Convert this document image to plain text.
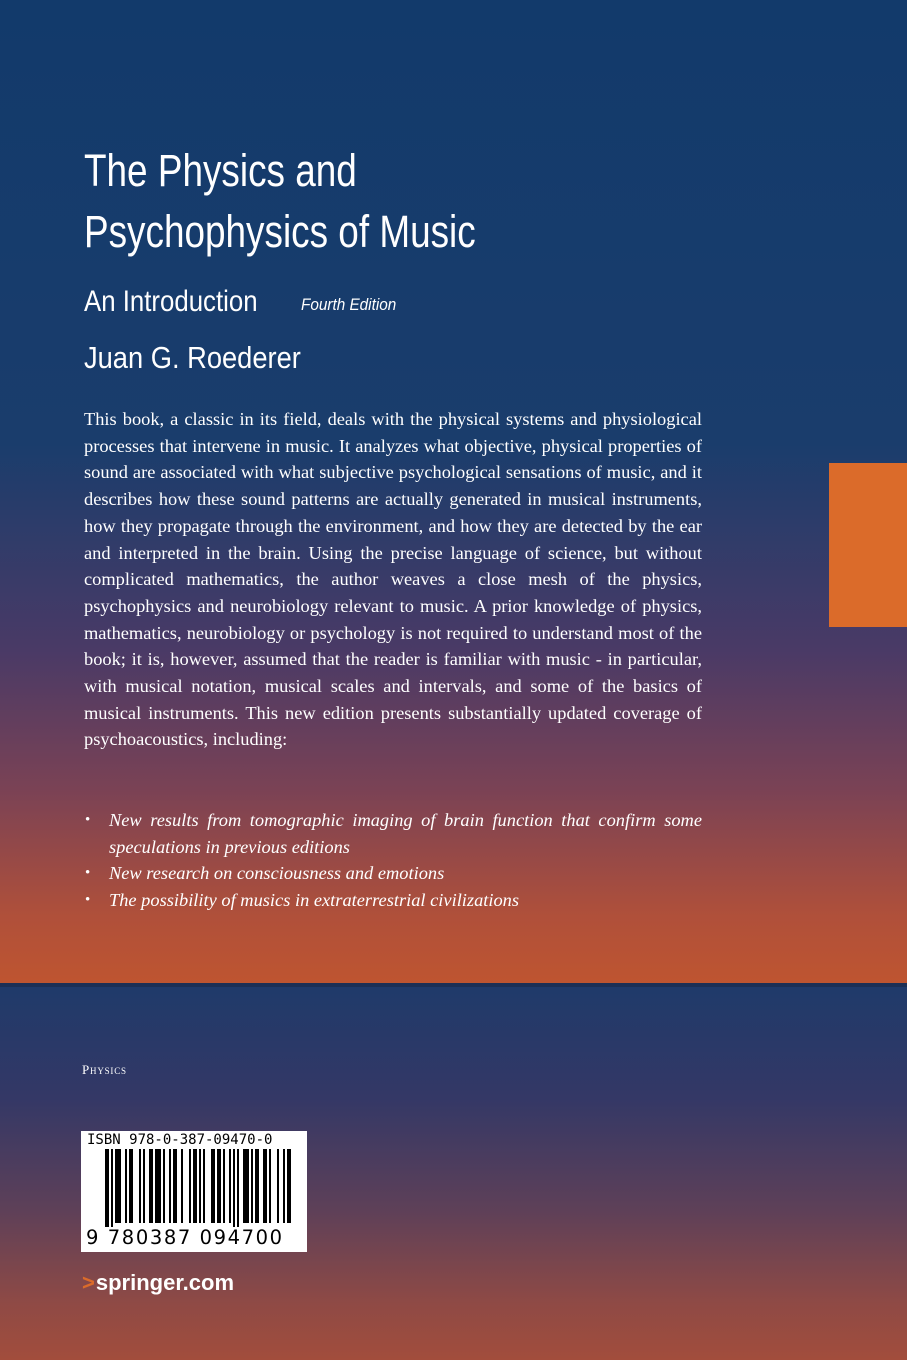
The Physics and
Psychophysics of Music
An Introduction	Fourth Edition
Juan G. Roederer

This book, a classic in its field, deals with the physical systems and physiological processes that intervene in music. It analyzes what objective, physical properties of sound are associated with what subjective psychological sensations of music, and it describes how these sound patterns are actually generated in musical instruments, how they propagate through the environment, and how they are detected by the ear and interpreted in the brain. Using the precise language of science, but without complicated mathematics, the author weaves a close mesh of the physics, psychophysics and neurobiology relevant to music. A prior knowledge of physics, mathematics, neurobiology or psychology is not required to understand most of the book; it is, however, assumed that the reader is familiar with music - in particular, with musical notation, musical scales and intervals, and some of the basics of musical instruments. This new edition presents substantially updated coverage of psychoacoustics, including:

• New results from tomographic imaging of brain function that confirm some speculations in previous editions
• New research on consciousness and emotions
• The possibility of musics in extraterrestrial civilizations
Physics
ISBN 978-0-387-09470-0
9 780387 094700
>springer.com
